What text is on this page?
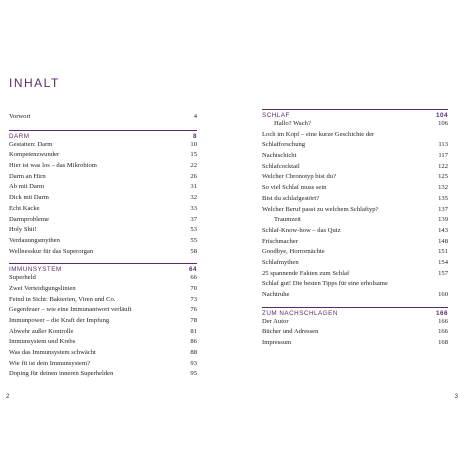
INHALT
Vorwort	4
DARM	8
Gestatten: Darm	10
Kompetenzwunder	15
Hier ist was los – das Mikrobiom	22
Darm an Hirn	26
Ab mit Darm	31
Dick mit Darm	32
Echt Kacke	33
Darmprobleme	37
Holy Shit!	53
Verdauungsmythen	55
Wellnesskur für das Superorgan	58
IMMUNSYSTEM	64
Superheld	66
Zwei Verteidigungslinien	70
Feind in Sicht: Bakterien, Viren und Co.	73
Gegenfeuer – wie eine Immunantwort verläuft	76
Immunpower – die Kraft der Impfung	78
Abwehr außer Kontrolle	81
Immunsystem und Krebs	86
Was das Immunsystem schwächt	88
Wie fit ist dein Immunsystem?	93
Doping für deinen inneren Superhelden	95
SCHLAF	104
Hallo? Wach?	106
Loch im Kopf – eine kurze Geschichte der
Schlafforschung	113
Nachtschicht	117
Schlafcocktail	122
Welcher Chronotyp bist du?	125
So viel Schlaf muss sein	132
Bist du schlafgestört?	135
Welcher Beruf passt zu welchem Schlaftyp?	137
Traumzeit	139
Schlaf-Know-how – das Quiz	143
Frischmacher	148
Goodbye, Horrornächte	151
Schlafmythen	154
25 spannende Fakten zum Schlaf	157
Schlaf gut! Die besten Tipps für eine erholsame
Nachtruhe	160
ZUM NACHSCHLAGEN	166
Der Autor	166
Bücher und Adressen	166
Impressum	168
2	3
